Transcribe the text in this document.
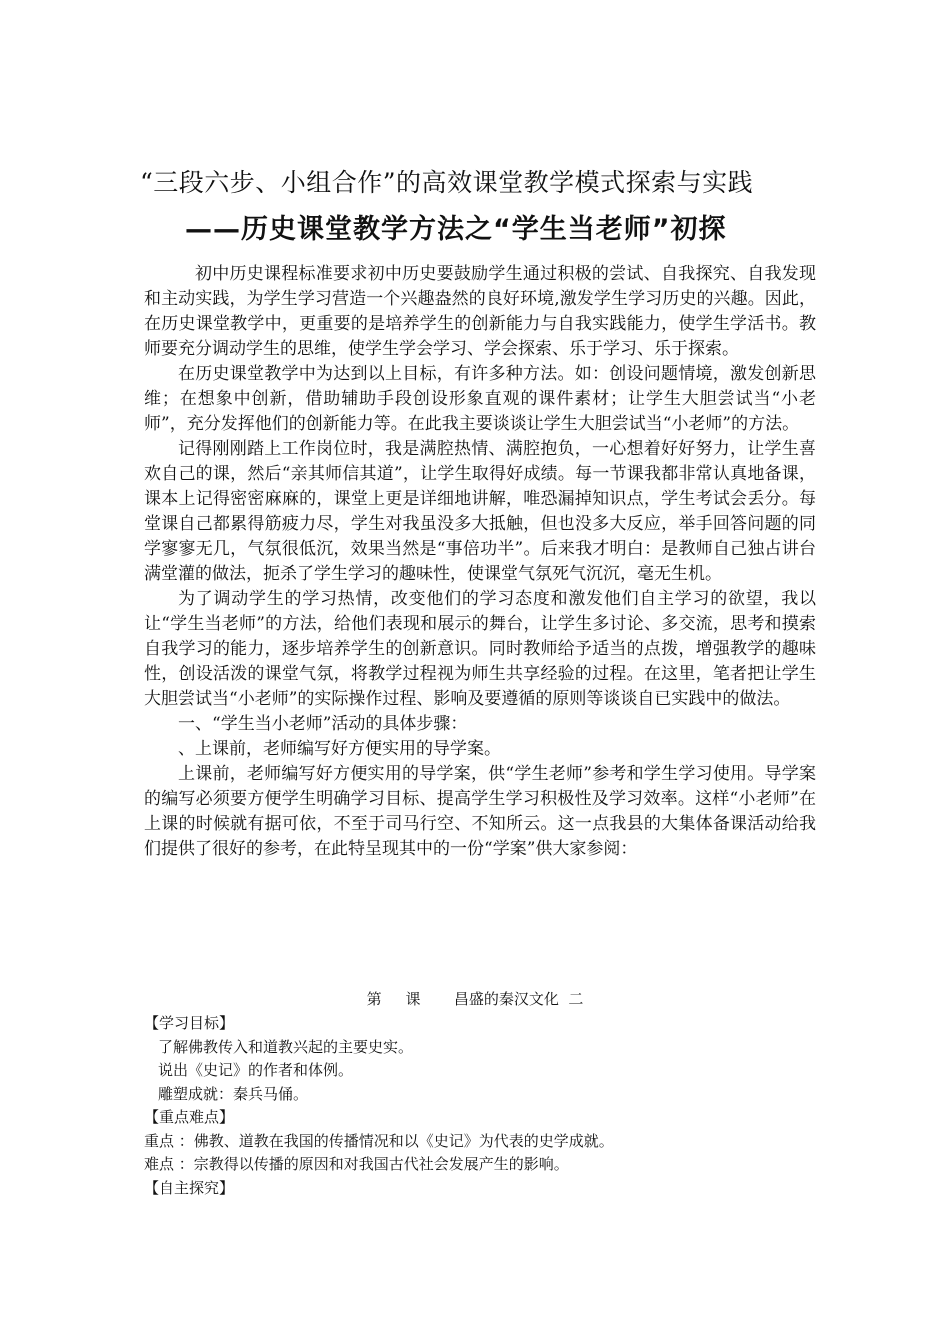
“三段六步、小组合作”的高效课堂教学模式探索与实践
——历史课堂教学方法之“学生当老师”初探

初中历史课程标准要求初中历史要鼓励学生通过积极的尝试、自我探究、自我发现和主动实践，为学生学习营造一个兴趣盎然的良好环境,激发学生学习历史的兴趣。因此，在历史课堂教学中，更重要的是培养学生的创新能力与自我实践能力，使学生学活书。教师要充分调动学生的思维，使学生学会学习、学会探索、乐于学习、乐于探索。

在历史课堂教学中为达到以上目标，有许多种方法。如：创设问题情境，激发创新思维；在想象中创新，借助辅助手段创设形象直观的课件素材；让学生大胆尝试当“小老师”，充分发挥他们的创新能力等。在此我主要谈谈让学生大胆尝试当“小老师”的方法。

记得刚刚踏上工作岗位时，我是满腔热情、满腔抱负，一心想着好好努力，让学生喜欢自己的课，然后“亲其师信其道”，让学生取得好成绩。每一节课我都非常认真地备课，课本上记得密密麻麻的，课堂上更是详细地讲解，唯恐漏掉知识点，学生考试会丢分。每堂课自己都累得筋疲力尽，学生对我虽没多大抵触，但也没多大反应，举手回答问题的同学寥寥无几，气氛很低沉，效果当然是“事倍功半”。后来我才明白：是教师自己独占讲台满堂灌的做法，扼杀了学生学习的趣味性，使课堂气氛死气沉沉，毫无生机。

为了调动学生的学习热情，改变他们的学习态度和激发他们自主学习的欲望，我以让“学生当老师”的方法，给他们表现和展示的舞台，让学生多讨论、多交流，思考和摸索自我学习的能力，逐步培养学生的创新意识。同时教师给予适当的点拨，增强教学的趣味性，创设活泼的课堂气氛，将教学过程视为师生共享经验的过程。在这里，笔者把让学生大胆尝试当“小老师”的实际操作过程、影响及要遵循的原则等谈谈自已实践中的做法。

一、“学生当小老师”活动的具体步骤：

、上课前，老师编写好方便实用的导学案。

上课前，老师编写好方便实用的导学案，供“学生老师”参考和学生学习使用。导学案的编写必须要方便学生明确学习目标、提高学生学习积极性及学习效率。这样“小老师”在上课的时候就有据可依，不至于司马行空、不知所云。这一点我县的大集体备课活动给我们提供了很好的参考，在此特呈现其中的一份“学案”供大家参阅：

第     课       昌盛的秦汉文化  二
【学习目标】
了解佛教传入和道教兴起的主要史实。
说出《史记》的作者和体例。
雕塑成就：秦兵马俑。
【重点难点】
重点 ：佛教、道教在我国的传播情况和以《史记》为代表的史学成就。
难点 ：宗教得以传播的原因和对我国古代社会发展产生的影响。
【自主探究】
